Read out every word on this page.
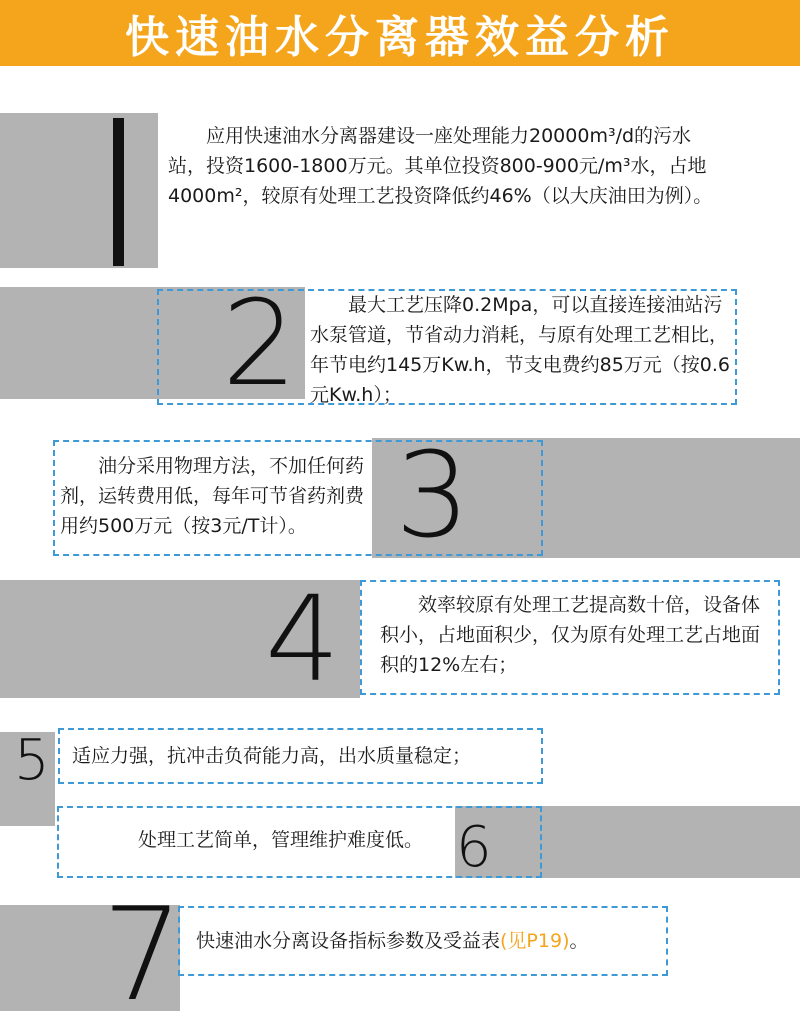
快速油水分离器效益分析
应用快速油水分离器建设一座处理能力20000m³/d的污水站，投资1600-1800万元。其单位投资800-900元/m³水，占地4000m²，较原有处理工艺投资降低约46%（以大庆油田为例）。
2	最大工艺压降0.2Mpa，可以直接连接油站污水泵管道，节省动力消耗，与原有处理工艺相比，年节电约145万Kw.h，节支电费约85万元（按0.6元Kw.h）；
3
油分采用物理方法，不加任何药剂，运转费用低，每年可节省药剂费用约500万元（按3元/T计）。
4	效率较原有处理工艺提高数十倍，设备体积小，占地面积少，仅为原有处理工艺占地面积的12%左右；
5 适应力强，抗冲击负荷能力高，出水质量稳定；
6
处理工艺简单，管理维护难度低。
7 快速油水分离设备指标参数及受益表(见P19)。
